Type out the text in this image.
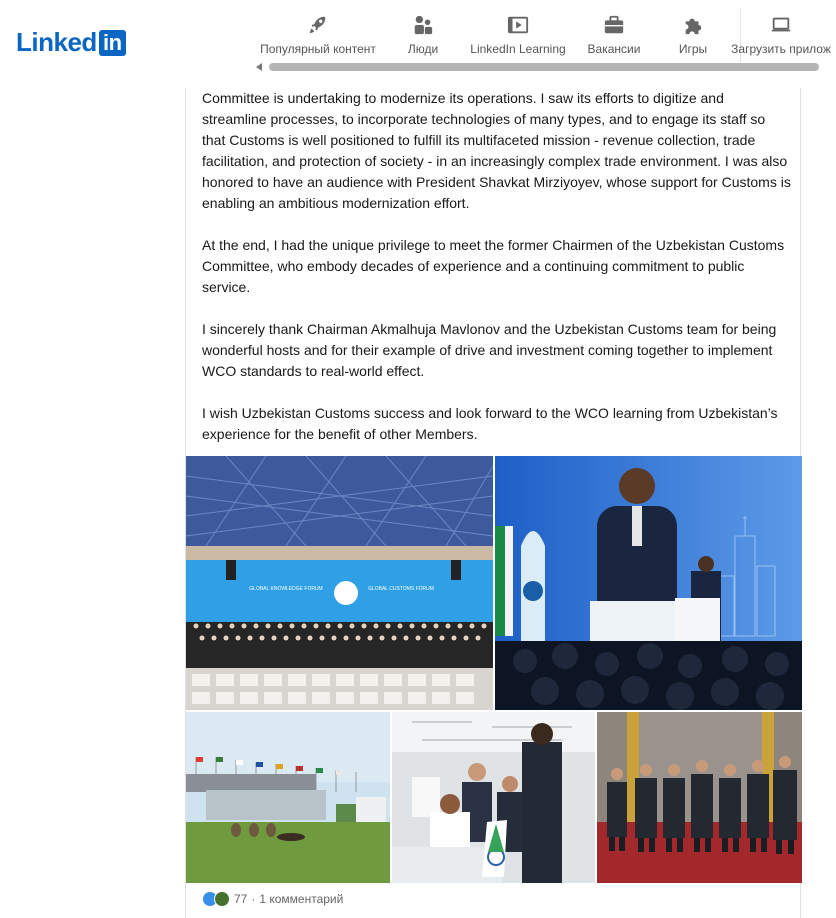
Linked in	Популярный контент	Люди	LinkedIn Learning Вакансии	Игры	Загрузить прилож

Committee is undertaking to modernize its operations. I saw its efforts to digitize and streamline processes, to incorporate technologies of many types, and to engage its staff so that Customs is well positioned to fulfill its multifaceted mission - revenue collection, trade facilitation, and protection of society - in an increasingly complex trade environment. I was also honored to have an audience with President Shavkat Mirziyoyev, whose support for Customs is enabling an ambitious modernization effort.

At the end, I had the unique privilege to meet the former Chairmen of the Uzbekistan Customs Committee, who embody decades of experience and a continuing commitment to public service.

I sincerely thank Chairman Akmalhuja Mavlonov and the Uzbekistan Customs team for being wonderful hosts and for their example of drive and investment coming together to implement WCO standards to real-world effect.

I wish Uzbekistan Customs success and look forward to the WCO learning from Uzbekistan’s experience for the benefit of other Members.

GLOBAL KNOWLEDGE FORUM	GLOBAL CUSTOMS FORUM
77 · 1 комментарий
